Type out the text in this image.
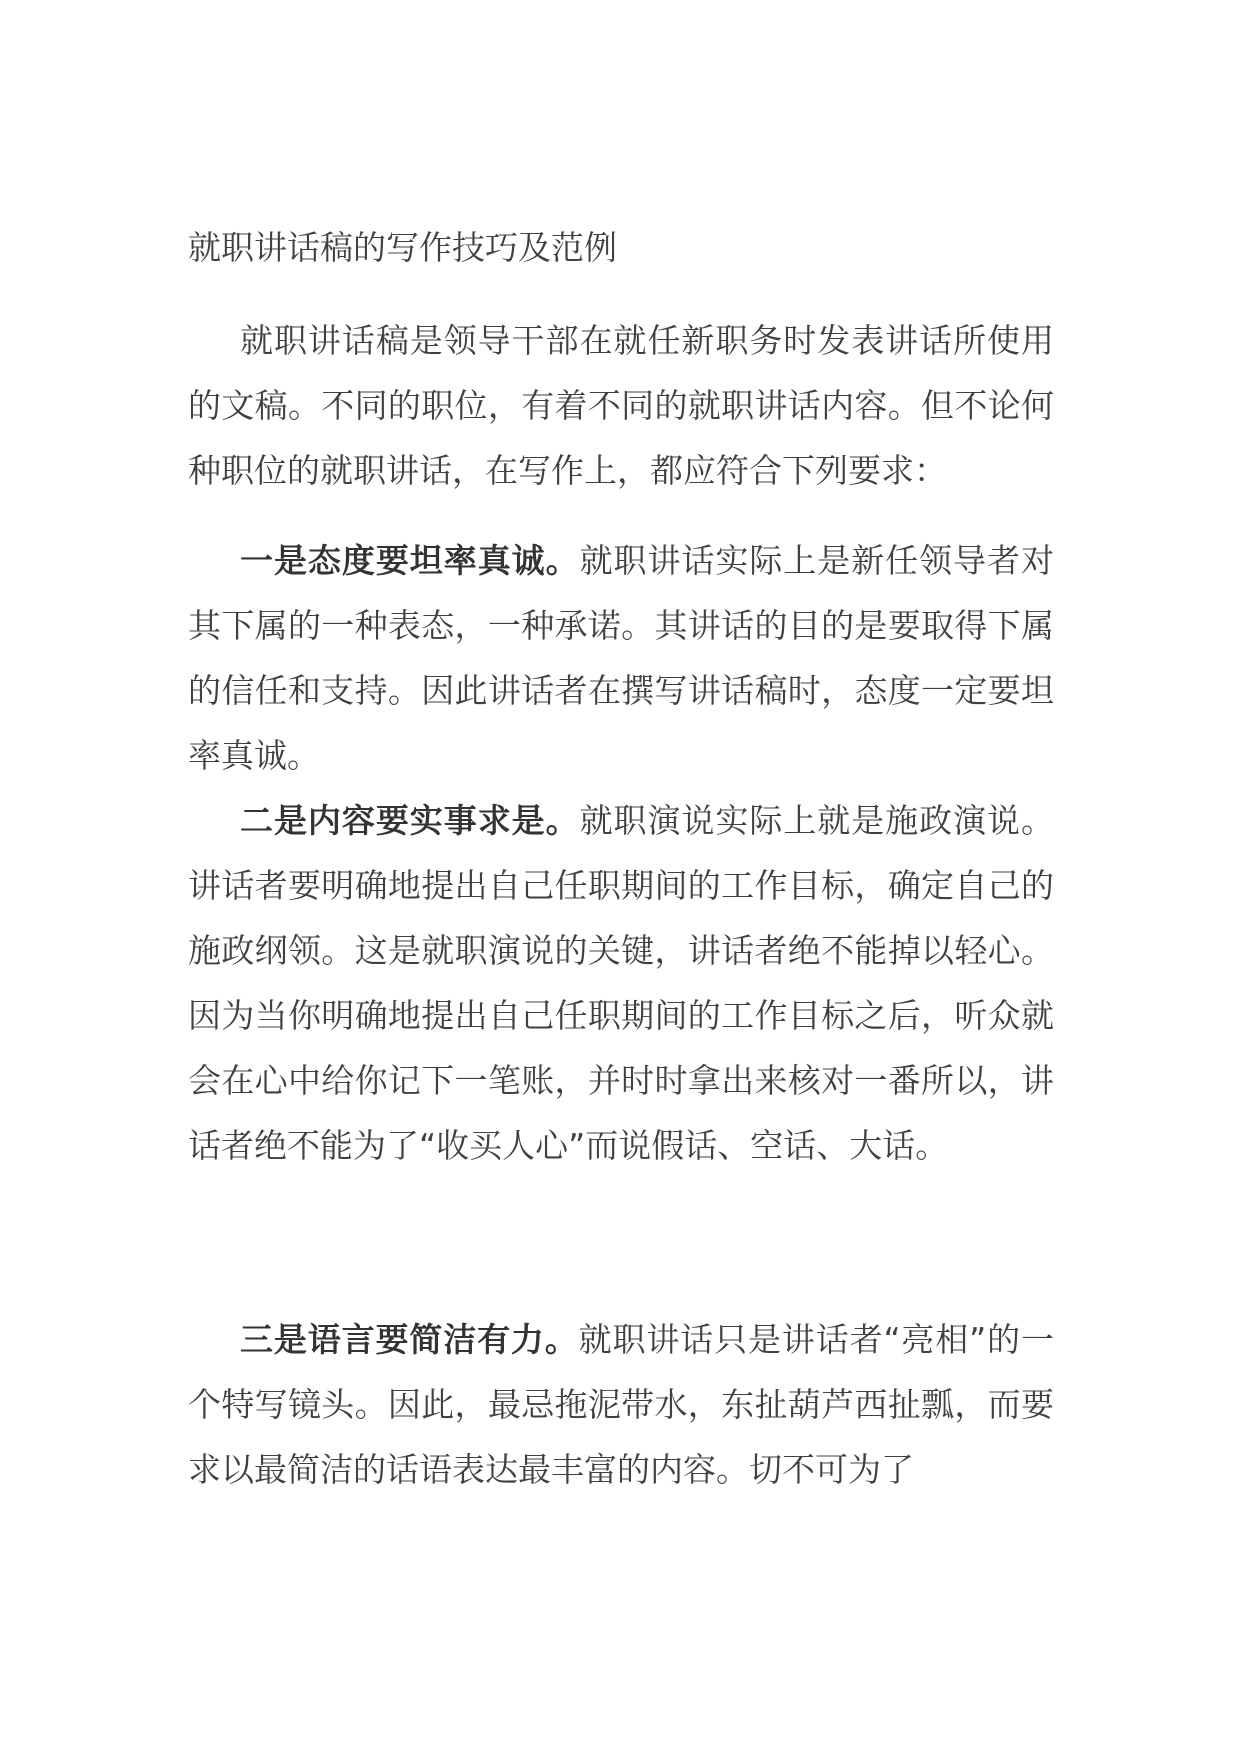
就职讲话稿的写作技巧及范例

就职讲话稿是领导干部在就任新职务时发表讲话所使用的文稿。不同的职位，有着不同的就职讲话内容。但不论何种职位的就职讲话，在写作上，都应符合下列要求：

一是态度要坦率真诚。就职讲话实际上是新任领导者对其下属的一种表态，一种承诺。其讲话的目的是要取得下属的信任和支持。因此讲话者在撰写讲话稿时，态度一定要坦率真诚。

二是内容要实事求是。就职演说实际上就是施政演说。讲话者要明确地提出自己任职期间的工作目标，确定自己的施政纲领。这是就职演说的关键，讲话者绝不能掉以轻心。因为当你明确地提出自己任职期间的工作目标之后，听众就会在心中给你记下一笔账，并时时拿出来核对一番所以，讲话者绝不能为了“收买人心”而说假话、空话、大话。

三是语言要简洁有力。就职讲话只是讲话者“亮相”的一个特写镜头。因此，最忌拖泥带水，东扯葫芦西扯瓢，而要求以最简洁的话语表达最丰富的内容。切不可为了
